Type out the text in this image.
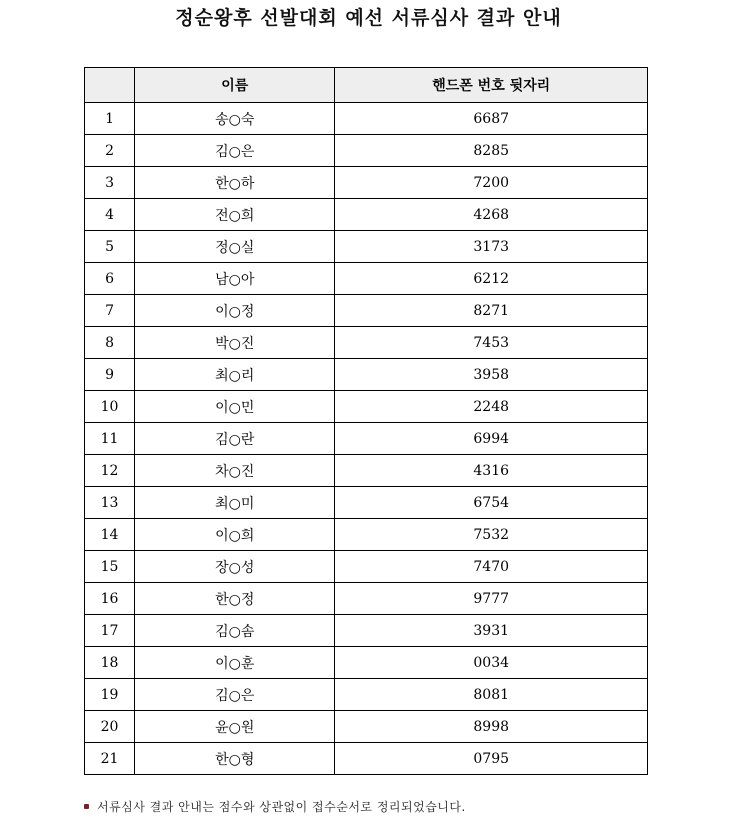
정순왕후 선발대회 예선 서류심사 결과 안내
	이름	핸드폰 번호 뒷자리
1	송○숙	6687
2	김○은	8285
3	한○하	7200
4	전○희	4268
5	정○실	3173
6	남○아	6212
7	이○정	8271
8	박○진	7453
9	최○리	3958
10	이○민	2248
11	김○란	6994
12	차○진	4316
13	최○미	6754
14	이○희	7532
15	장○성	7470
16	한○정	9777
17	김○솜	3931
18	이○훈	0034
19	김○은	8081
20	윤○원	8998
21	한○형	0795
서류심사 결과 안내는 점수와 상관없이 접수순서로 정리되었습니다.
